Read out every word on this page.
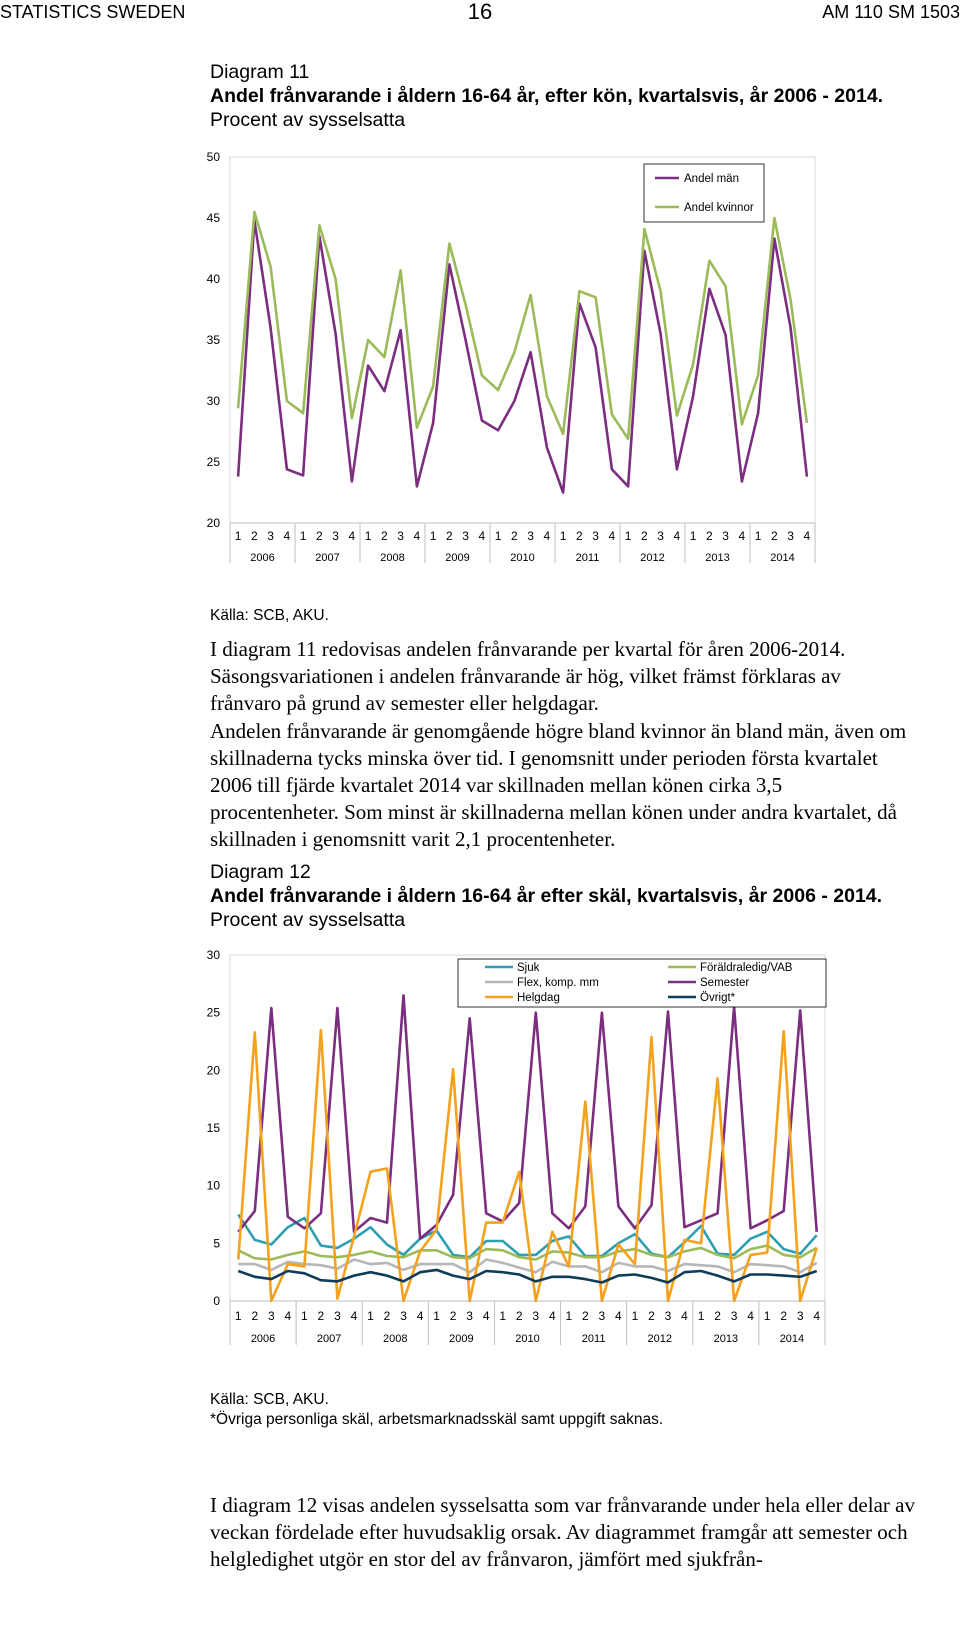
STATISTICS SWEDEN	16	AM 110 SM 1503
Diagram 11
Andel frånvarande i åldern 16-64 år, efter kön, kvartalsvis, år 2006 - 2014.
Procent av sysselsatta
20
25
30
35
40
45
50
1 2 3 4 1 2 3 4 1 2 3 4 1 2 3 4 1 2 3 4 1 2 3 4 1 2 3 4 1 2 3 4 1 2 3 4
2006	2007	2008	2009	2010	2011	2012	2013	2014
Andel män
Andel kvinnor
Källa: SCB, AKU.

I diagram 11 redovisas andelen frånvarande per kvartal för åren 2006-2014. Säsongsvariationen i andelen frånvarande är hög, vilket främst förklaras av frånvaro på grund av semester eller helgdagar.

Andelen frånvarande är genomgående högre bland kvinnor än bland män, även om skillnaderna tycks minska över tid. I genomsnitt under perioden första kvartalet 2006 till fjärde kvartalet 2014 var skillnaden mellan könen cirka 3,5 procentenheter. Som minst är skillnaderna mellan könen under andra kvartalet, då skillnaden i genomsnitt varit 2,1 procentenheter.

Diagram 12
Andel frånvarande i åldern 16-64 år efter skäl, kvartalsvis, år 2006 - 2014.
Procent av sysselsatta
0
5
10
15
20
25
30
1 2 3 4 1 2 3 4 1 2 3 4 1 2 3 4 1 2 3 4 1 2 3 4 1 2 3 4 1 2 3 4 1 2 3 4
2006	2007	2008	2009	2010	2011	2012	2013	2014
Sjuk	Föräldraledig/VAB
Flex, komp. mm	Semester
Helgdag	Övrigt*
Källa: SCB, AKU.
*Övriga personliga skäl, arbetsmarknadsskäl samt uppgift saknas.

I diagram 12 visas andelen sysselsatta som var frånvarande under hela eller delar av veckan fördelade efter huvudsaklig orsak. Av diagrammet framgår att semester och helgledighet utgör en stor del av frånvaron, jämfört med sjukfrån-
